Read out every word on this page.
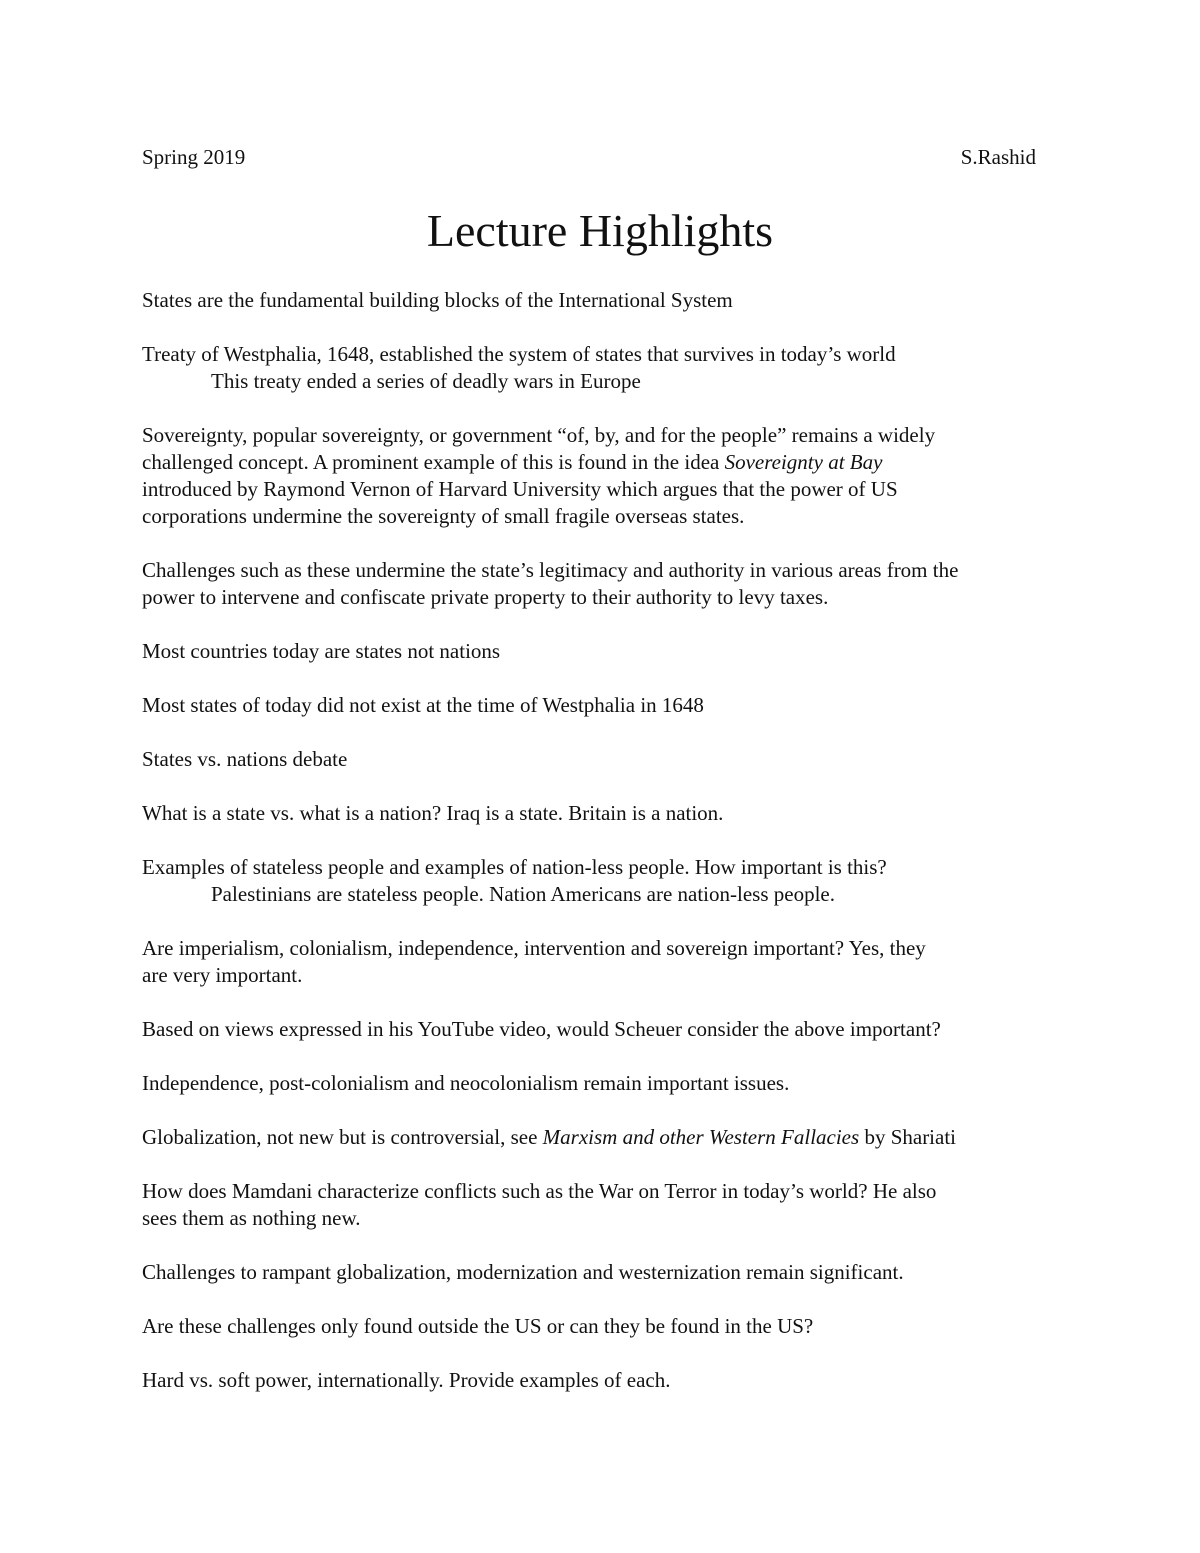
Spring 2019	S.Rashid
Lecture Highlights
States are the fundamental building blocks of the International System
Treaty of Westphalia, 1648, established the system of states that survives in today’s world
This treaty ended a series of deadly wars in Europe
Sovereignty, popular sovereignty, or government “of, by, and for the people” remains a widely
challenged concept. A prominent example of this is found in the idea Sovereignty at Bay
introduced by Raymond Vernon of Harvard University which argues that the power of US
corporations undermine the sovereignty of small fragile overseas states.
Challenges such as these undermine the state’s legitimacy and authority in various areas from the
power to intervene and confiscate private property to their authority to levy taxes.
Most countries today are states not nations
Most states of today did not exist at the time of Westphalia in 1648
States vs. nations debate
What is a state vs. what is a nation? Iraq is a state. Britain is a nation.
Examples of stateless people and examples of nation-less people. How important is this?
Palestinians are stateless people. Nation Americans are nation-less people.
Are imperialism, colonialism, independence, intervention and sovereign important? Yes, they
are very important.
Based on views expressed in his YouTube video, would Scheuer consider the above important?
Independence, post-colonialism and neocolonialism remain important issues.
Globalization, not new but is controversial, see Marxism and other Western Fallacies by Shariati
How does Mamdani characterize conflicts such as the War on Terror in today’s world? He also
sees them as nothing new.
Challenges to rampant globalization, modernization and westernization remain significant.
Are these challenges only found outside the US or can they be found in the US?
Hard vs. soft power, internationally. Provide examples of each.
